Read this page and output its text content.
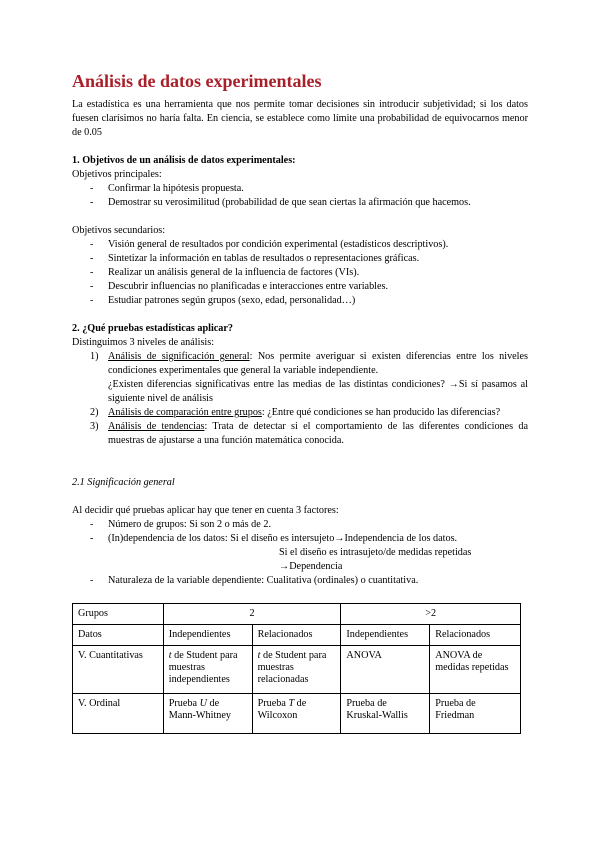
Análisis de datos experimentales

La estadística es una herramienta que nos permite tomar decisiones sin introducir subjetividad; si los datos fuesen clarísimos no haría falta. En ciencia, se establece como límite una probabilidad de equivocarnos menor de 0.05

1. Objetivos de un análisis de datos experimentales:

Objetivos principales:

- Confirmar la hipótesis propuesta.
- Demostrar su verosimilitud (probabilidad de que sean ciertas la afirmación que hacemos.

Objetivos secundarios:

- Visión general de resultados por condición experimental (estadísticos descriptivos).
- Sintetizar la información en tablas de resultados o representaciones gráficas.
- Realizar un análisis general de la influencia de factores (VIs).
- Descubrir influencias no planificadas e interacciones entre variables.
- Estudiar patrones según grupos (sexo, edad, personalidad…)

2. ¿Qué pruebas estadísticas aplicar?

Distinguimos 3 niveles de análisis:

1) Análisis de significación general: Nos permite averiguar si existen diferencias entre los niveles condiciones experimentales que general la variable independiente.
¿Existen diferencias significativas entre las medias de las distintas condiciones? →Si sí pasamos al siguiente nivel de análisis
2) Análisis de comparación entre grupos: ¿Entre qué condiciones se han producido las diferencias?
3) Análisis de tendencias: Trata de detectar si el comportamiento de las diferentes condiciones da muestras de ajustarse a una función matemática conocida.

2.1 Significación general

Al decidir qué pruebas aplicar hay que tener en cuenta 3 factores:

- Número de grupos: Si son 2 o más de 2.
- (In)dependencia de los datos: Si el diseño es intersujeto→Independencia de los datos.
Si el diseño es intrasujeto/de medidas repetidas →Dependencia
- Naturaleza de la variable dependiente: Cualitativa (ordinales) o cuantitativa.
Grupos	2		>2	
Datos	Independientes	Relacionados	Independientes	Relacionados
V. Cuantitativas	t de Student para muestras independientes	t de Student para muestras relacionadas	ANOVA	ANOVA de medidas repetidas
V. Ordinal	Prueba U de Mann-Whitney	Prueba T de Wilcoxon	Prueba de Kruskal-Wallis	Prueba de Friedman
